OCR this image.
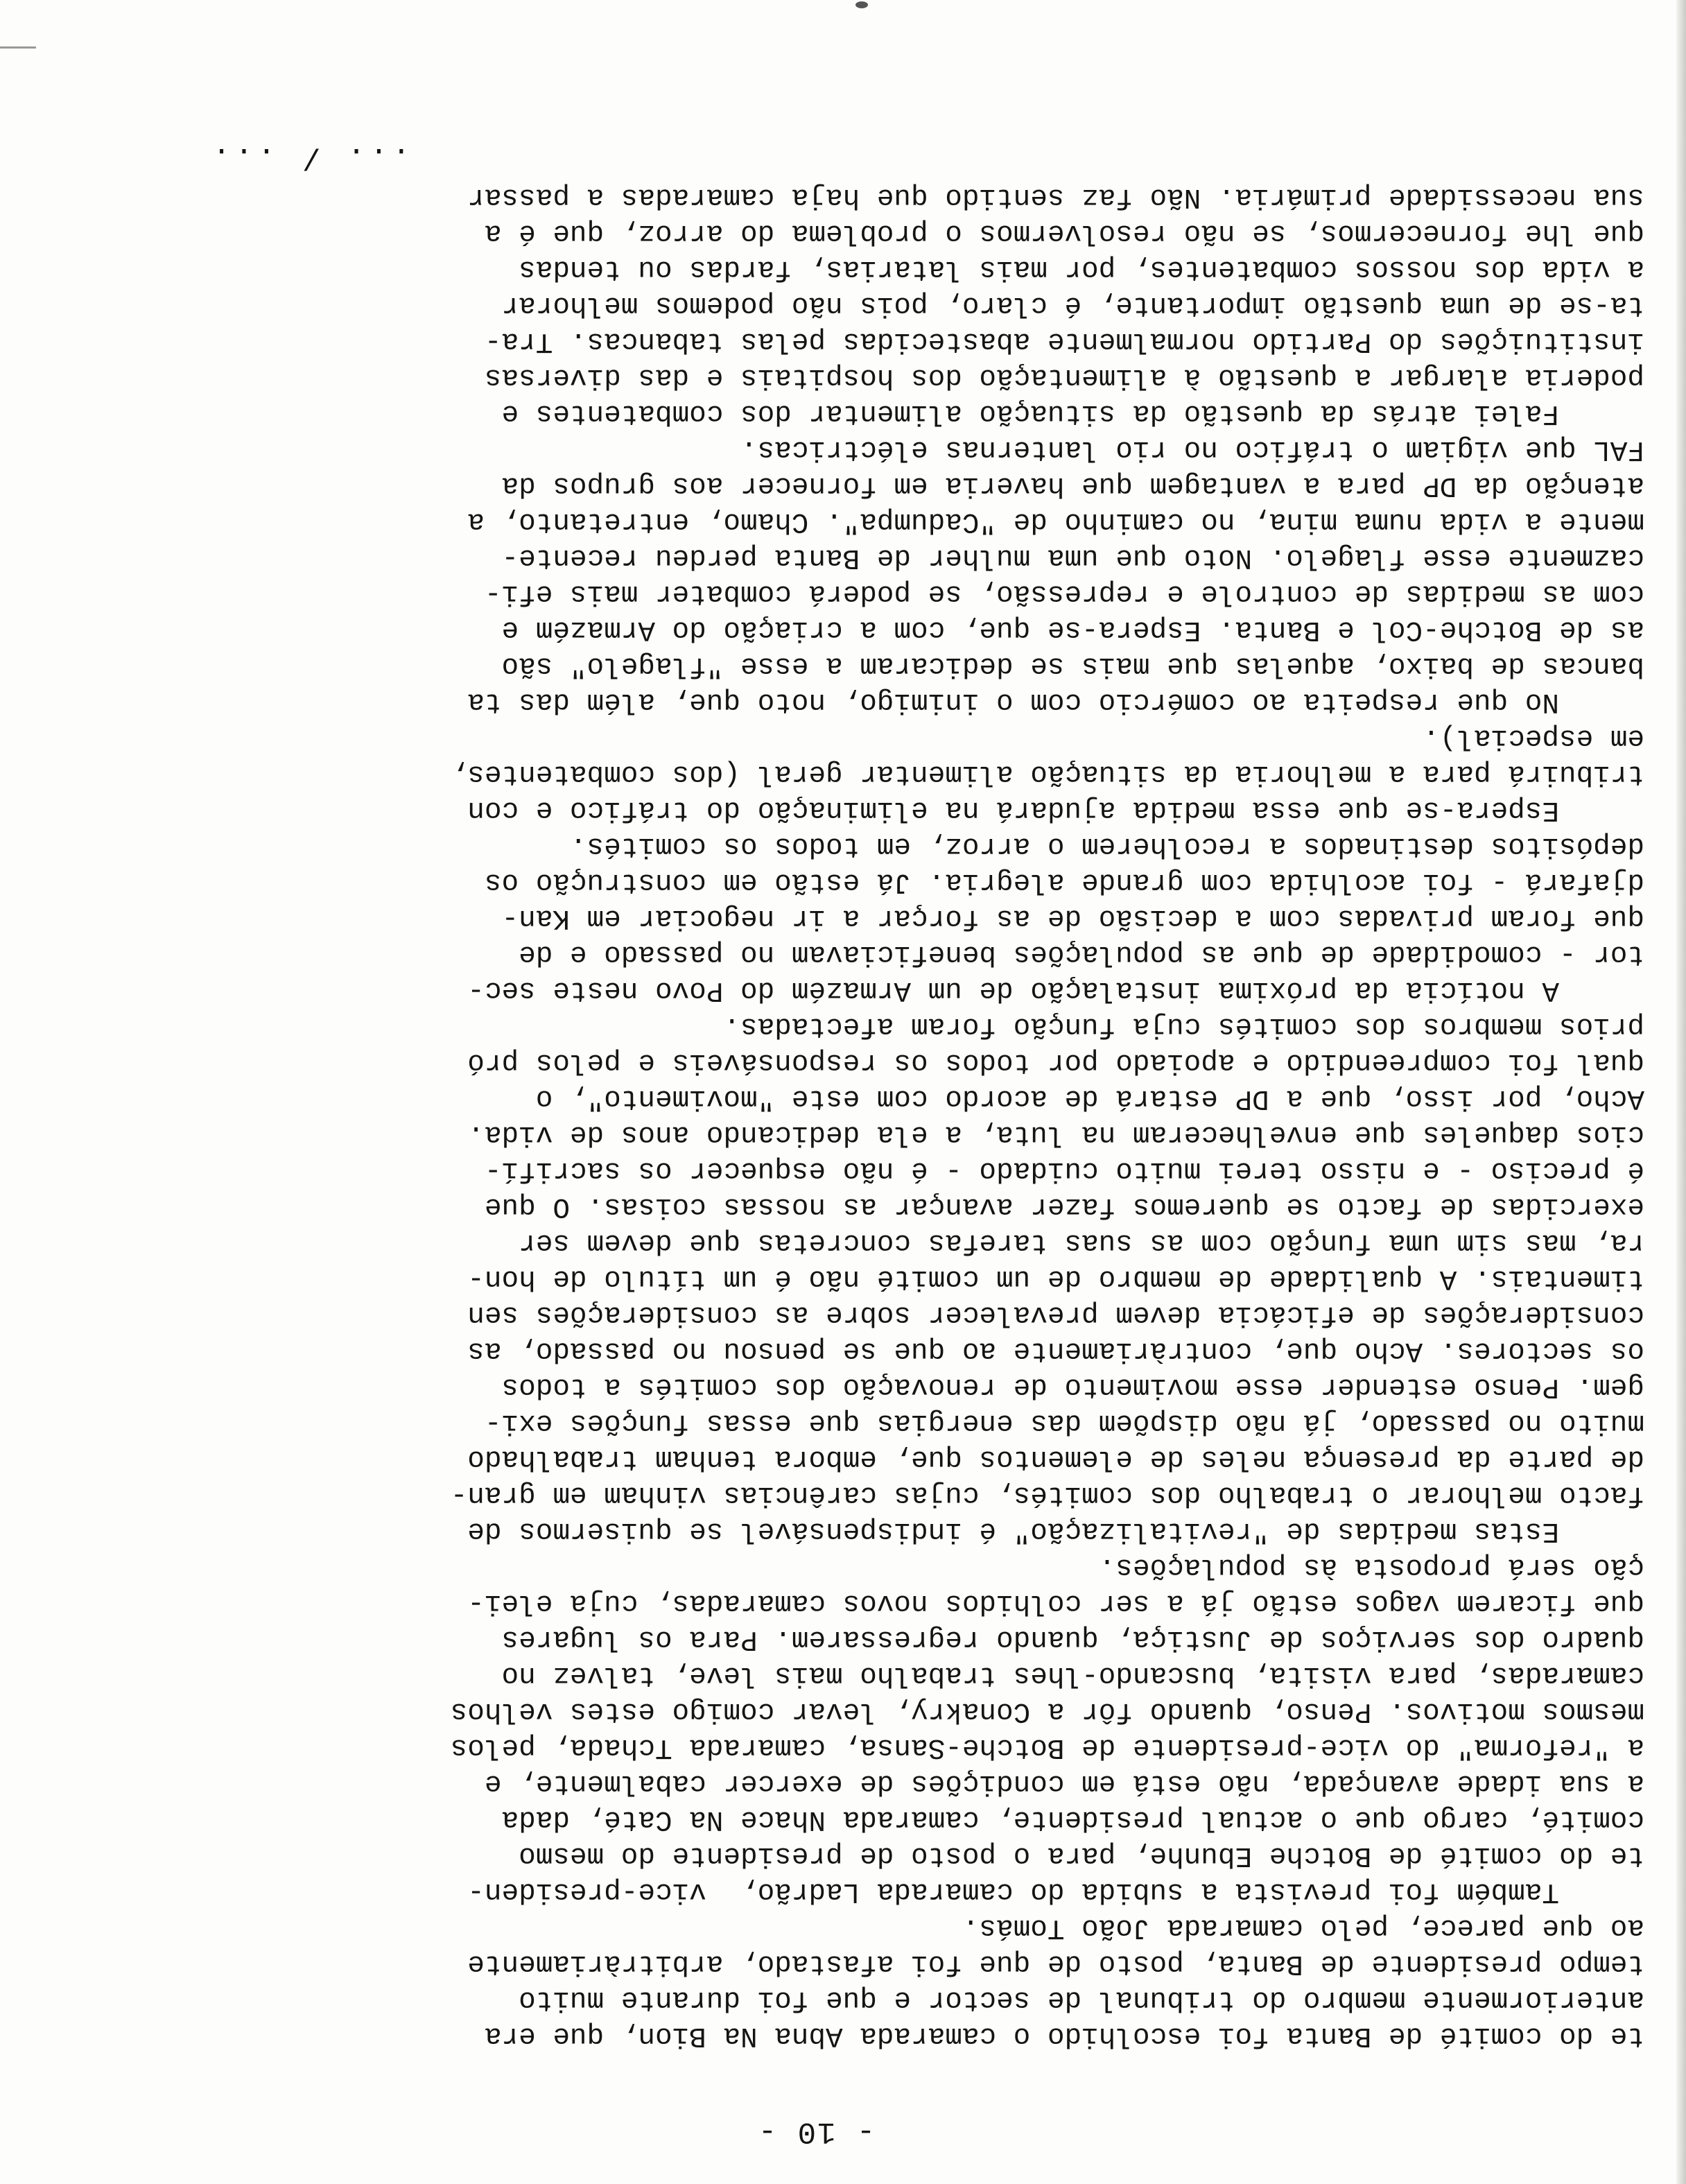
- 10 -
te do comité de Banta foi escolhido o camarada Abna Na Bion, que era
anteriormente membro do tribunal de sector e que foi durante muito
tempo presidente de Banta, posto de que foi afastado, arbitràriamente
ao que parece, pelo camarada João Tomás.
Também foi prevista a subida do camarada Ladrão,  vice-presiden-
te do comité de Botche Ebunhe, para o posto de presidente do mesmo
comité, cargo que o actual presidente, camarada Nhace Na Caté, dada
a sua idade avançada, não está em condições de exercer cabalmente, e
a "reforma" do vice-presidente de Botche-Sansa, camarada Tchada, pelos
mesmos motivos. Penso, quando fôr a Conakry, levar comigo estes velhos
camaradas, para visita, buscando-lhes trabalho mais leve, talvez no
quadro dos serviços de Justiça, quando regressarem. Para os lugares
que ficarem vagos estão já a ser colhidos novos camaradas, cuja elei-
ção será proposta às populações.
Estas medidas de "revitalização" é indispensável se quisermos de
facto melhorar o trabalho dos comités, cujas carências vinham em gran-
de parte da presença neles de elementos que, embora tenham trabalhado
muito no passado, já não dispõem das energias que essas funções exi-
gem. Penso estender esse movimento de renovação dos comités a todos
os sectores. Acho que, contràriamente ao que se pensou no passado, as
considerações de eficácia devem prevalecer sobre as considerações sen
timentais. A qualidade de membro de um comité não é um título de hon-
ra, mas sim uma função com as suas tarefas concretas que devem ser
exercidas de facto se queremos fazer avançar as nossas coisas. O que
é preciso - e nisso terei muito cuidado - é não esquecer os sacrifí-
cios daqueles que envelheceram na luta, a ela dedicando anos de vida.
Acho, por isso, que a DP estará de acordo com este "movimento", o
qual foi compreendido e apoiado por todos os responsáveis e pelos pró
prios membros dos comités cuja função foram afectadas.
A notícia da próxima instalação de um Armazém do Povo neste sec-
tor - comodidade de que as populações beneficiavam no passado e de
que foram privadas com a decisão de as forçar a ir negociar em Kan-
djafará - foi acolhida com grande alegria. Já estão em construção os
depósitos destinados a recolherem o arroz, em todos os comités.
Espera-se que essa medida ajudará na eliminação do tráfico e con
tribuirá para a melhoria da situação alimentar geral (dos combatentes,
em especial).
No que respeita ao comércio com o inimigo, noto que, além das ta
bancas de baixo, aquelas que mais se dedicaram a esse "flagelo" são
as de Botche-Col e Banta. Espera-se que, com a criação do Armazém e
com as medidas de controle e repressão, se poderá combater mais efi-
cazmente esse flagelo. Noto que uma mulher de Banta perdeu recente-
mente a vida numa mina, no caminho de "Cadumpa". Chamo, entretanto, a
atenção da DP para a vantagem que haveria em fornecer aos grupos da
FAL que vigiam o tráfico no rio lanternas eléctricas.
Falei atrás da questão da situação alimentar dos combatentes e
poderia alargar a questão à alimentação dos hospitais e das diversas
instituições do Partido normalmente abastecidas pelas tabancas. Tra-
ta-se de uma questão importante, é claro, pois não podemos melhorar
a vida dos nossos combatentes, por mais latarias, fardas ou tendas
que lhe fornecermos, se não resolvermos o problema do arroz, que é a
sua necessidade primária. Não faz sentido que haja camaradas a passar
... / ...
